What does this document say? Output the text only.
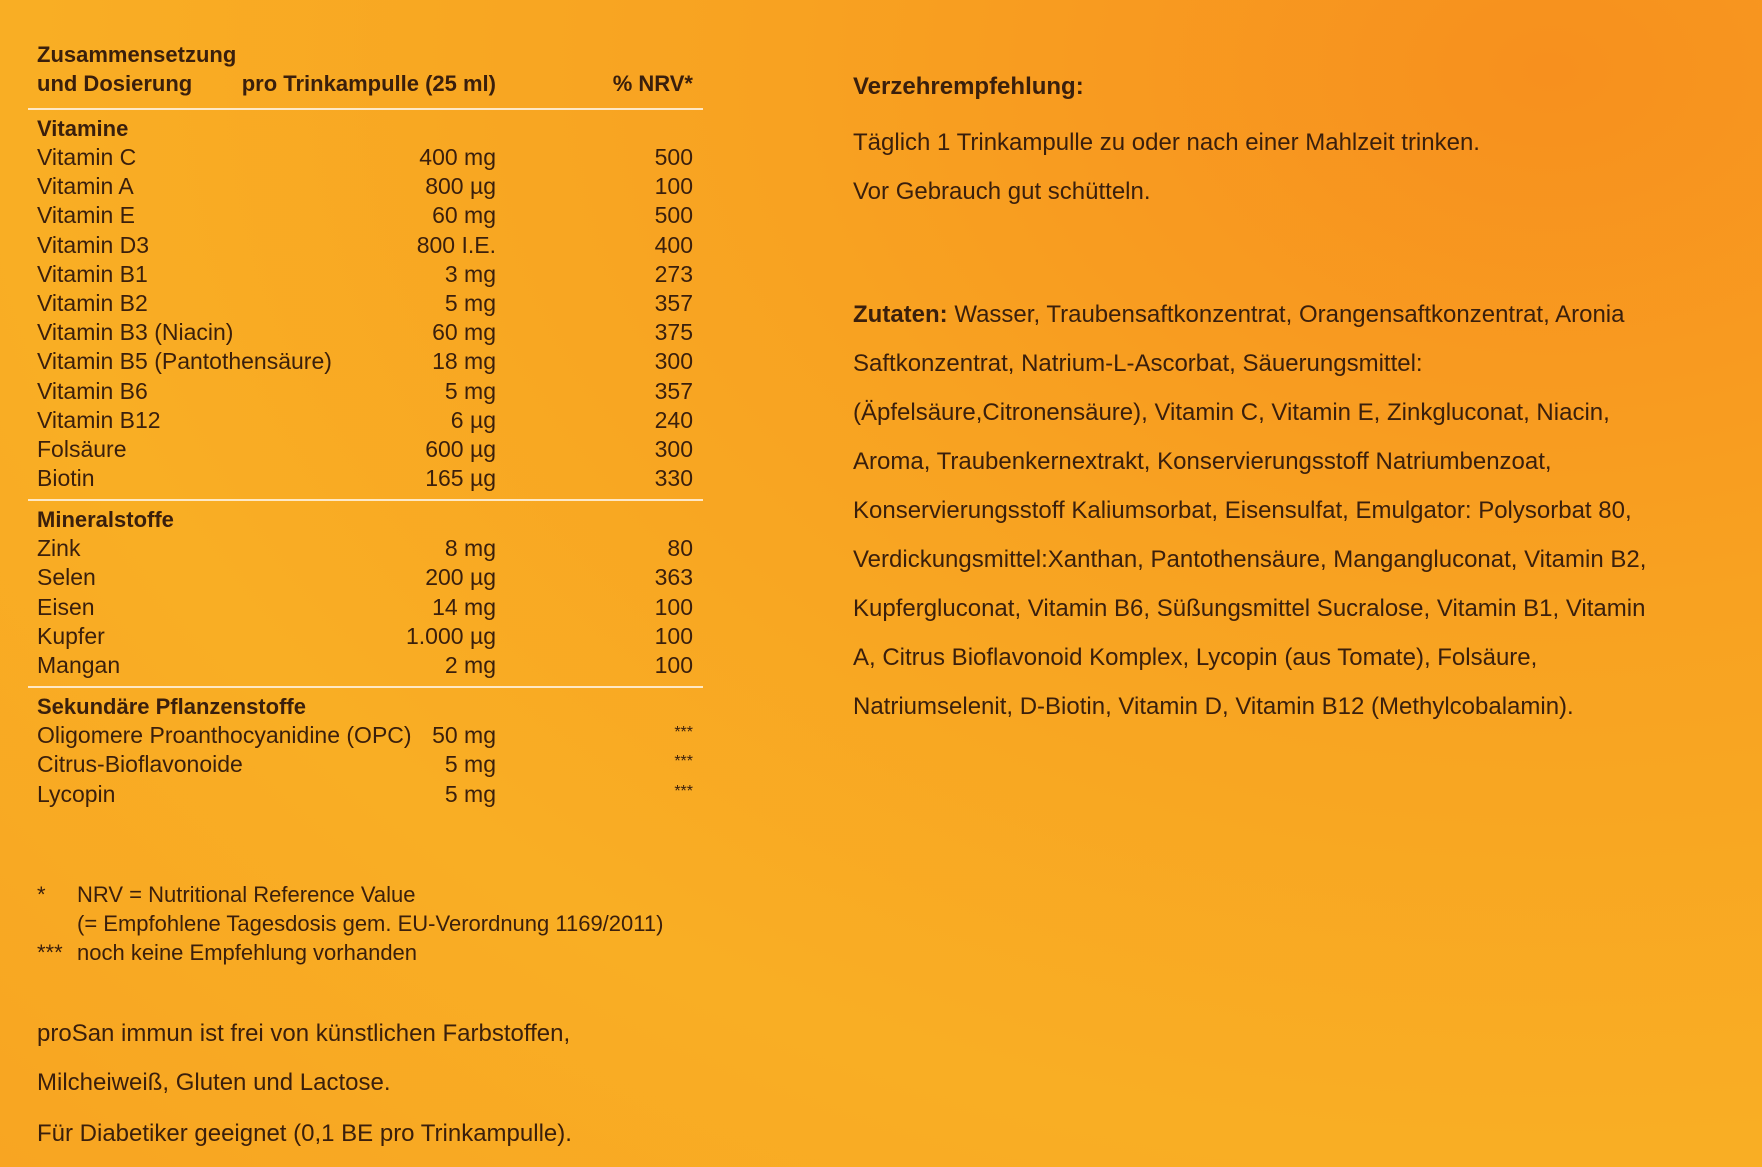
Zusammensetzung
und Dosierung	pro Trinkampulle (25 ml)	% NRV*
Vitamine
Vitamin C	400 mg	500
Vitamin A	800 µg	100
Vitamin E	60 mg	500
Vitamin D3	800 I.E.	400
Vitamin B1	3 mg	273
Vitamin B2	5 mg	357
Vitamin B3 (Niacin)	60 mg	375
Vitamin B5 (Pantothensäure)	18 mg	300
Vitamin B6	5 mg	357
Vitamin B12	6 µg	240
Folsäure	600 µg	300
Biotin	165 µg	330
Mineralstoffe
Zink	8 mg	80
Selen	200 µg	363
Eisen	14 mg	100
Kupfer	1.000 µg	100
Mangan	2 mg	100
Sekundäre Pflanzenstoffe
Oligomere Proanthocyanidine (OPC) 50 mg	***
Citrus-Bioflavonoide	5 mg	***
Lycopin	5 mg	***
* NRV = Nutritional Reference Value
(= Empfohlene Tagesdosis gem. EU-Verordnung 1169/2011)
*** noch keine Empfehlung vorhanden
proSan immun ist frei von künstlichen Farbstoffen,
Milcheiweiß, Gluten und Lactose.
Für Diabetiker geeignet (0,1 BE pro Trinkampulle).
Verzehrempfehlung:
Täglich 1 Trinkampulle zu oder nach einer Mahlzeit trinken.
Vor Gebrauch gut schütteln.
Zutaten: Wasser, Traubensaftkonzentrat, Orangensaftkonzentrat, Aronia
Saftkonzentrat, Natrium-L-Ascorbat, Säuerungsmittel:
(Äpfelsäure,Citronensäure), Vitamin C, Vitamin E, Zinkgluconat, Niacin,
Aroma, Traubenkernextrakt, Konservierungsstoff Natriumbenzoat,
Konservierungsstoff Kaliumsorbat, Eisensulfat, Emulgator: Polysorbat 80,
Verdickungsmittel:Xanthan, Pantothensäure, Mangangluconat, Vitamin B2,
Kupfergluconat, Vitamin B6, Süßungsmittel Sucralose, Vitamin B1, Vitamin
A, Citrus Bioflavonoid Komplex, Lycopin (aus Tomate), Folsäure,
Natriumselenit, D-Biotin, Vitamin D, Vitamin B12 (Methylcobalamin).
